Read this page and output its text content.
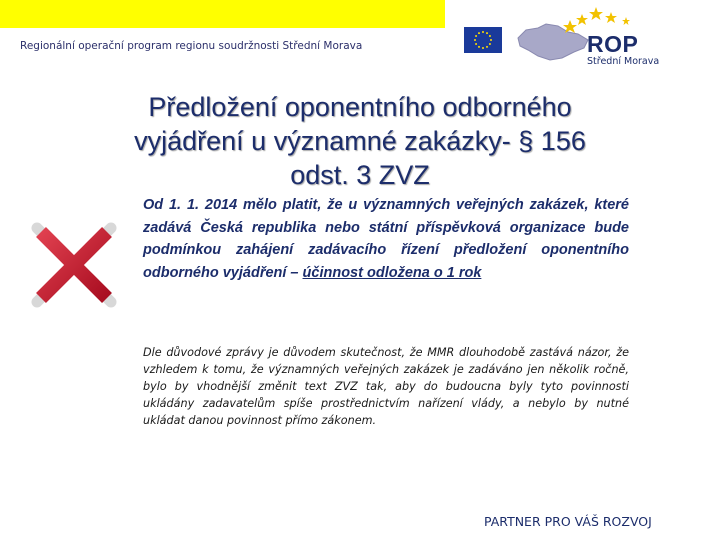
Regionální operační program regionu soudržnosti Střední Morava	ROP
Střední Morava
Předložení oponentního odborného
vyjádření u významné zakázky- § 156
odst. 3 ZVZ
Od 1. 1. 2014 mělo platit, že u významných veřejných zakázek, které zadává Česká republika nebo státní příspěvková organizace bude podmínkou zahájení zadávacího řízení předložení oponentního odborného vyjádření – účinnost odložena o 1 rok
Dle důvodové zprávy je důvodem skutečnost, že MMR dlouhodobě zastává názor, že vzhledem k tomu, že významných veřejných zakázek je zadáváno jen několik ročně, bylo by vhodnější změnit text ZVZ tak, aby do budoucna byly tyto povinnosti ukládány zadavatelům spíše prostřednictvím nařízení vlády, a nebylo by nutné ukládat danou povinnost přímo zákonem.
PARTNER PRO VÁŠ ROZVOJ
